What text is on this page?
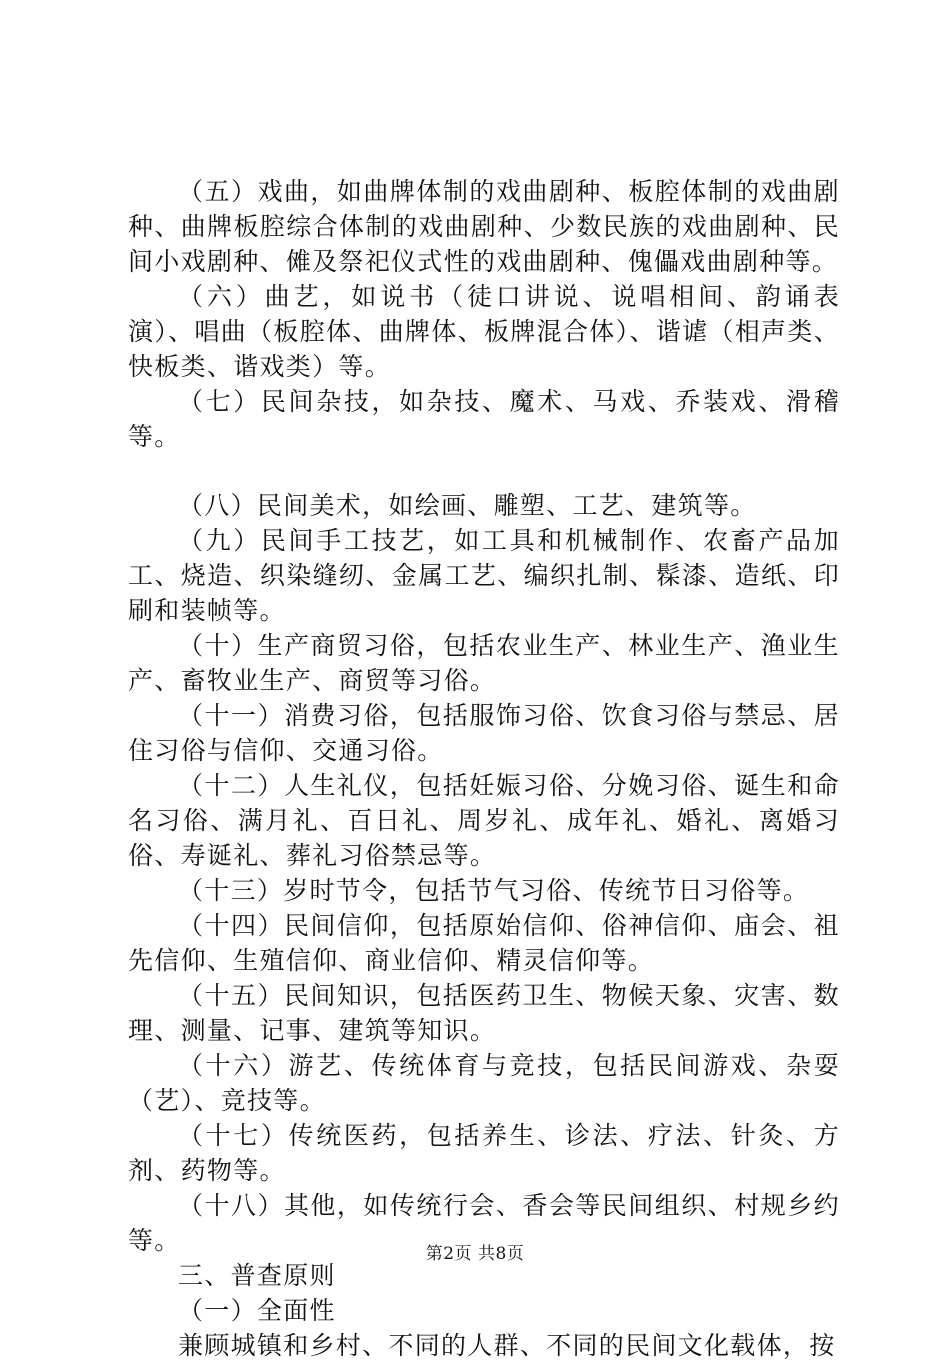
（五）戏曲，如曲牌体制的戏曲剧种、板腔体制的戏曲剧种、曲牌板腔综合体制的戏曲剧种、少数民族的戏曲剧种、民间小戏剧种、傩及祭祀仪式性的戏曲剧种、傀儡戏曲剧种等。

（六）曲艺，如说书（徒口讲说、说唱相间、韵诵表演）、唱曲（板腔体、曲牌体、板牌混合体）、谐谑（相声类、快板类、谐戏类）等。

（七）民间杂技，如杂技、魔术、马戏、乔装戏、滑稽等。

（八）民间美术，如绘画、雕塑、工艺、建筑等。

（九）民间手工技艺，如工具和机械制作、农畜产品加工、烧造、织染缝纫、金属工艺、编织扎制、髹漆、造纸、印刷和装帧等。

（十）生产商贸习俗，包括农业生产、林业生产、渔业生产、畜牧业生产、商贸等习俗。

（十一）消费习俗，包括服饰习俗、饮食习俗与禁忌、居住习俗与信仰、交通习俗。

（十二）人生礼仪，包括妊娠习俗、分娩习俗、诞生和命名习俗、满月礼、百日礼、周岁礼、成年礼、婚礼、离婚习俗、寿诞礼、葬礼习俗禁忌等。

（十三）岁时节令，包括节气习俗、传统节日习俗等。

（十四）民间信仰，包括原始信仰、俗神信仰、庙会、祖先信仰、生殖信仰、商业信仰、精灵信仰等。

（十五）民间知识，包括医药卫生、物候天象、灾害、数理、测量、记事、建筑等知识。

（十六）游艺、传统体育与竞技，包括民间游戏、杂耍（艺）、竞技等。

（十七）传统医药，包括养生、诊法、疗法、针灸、方剂、药物等。

（十八）其他，如传统行会、香会等民间组织、村规乡约等。

三、普查原则

（一）全面性

兼顾城镇和乡村、不同的人群、不同的民间文化载体，按

第2页 共8页
